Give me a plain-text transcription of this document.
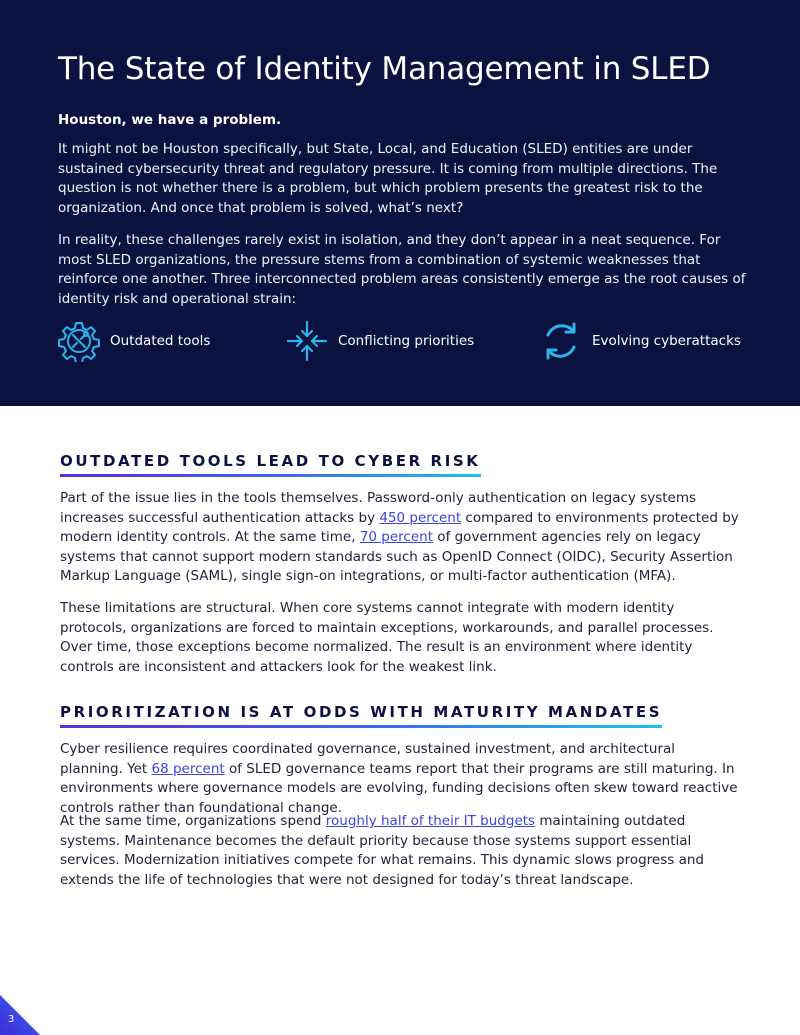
The State of Identity Management in SLED
Houston, we have a problem.

It might not be Houston specifically, but State, Local, and Education (SLED) entities are under sustained cybersecurity threat and regulatory pressure. It is coming from multiple directions. The question is not whether there is a problem, but which problem presents the greatest risk to the organization. And once that problem is solved, what’s next?

In reality, these challenges rarely exist in isolation, and they don’t appear in a neat sequence. For most SLED organizations, the pressure stems from a combination of systemic weaknesses that reinforce one another. Three interconnected problem areas consistently emerge as the root causes of identity risk and operational strain:

Outdated tools	Conflicting priorities	Evolving cyberattacks
OUTDATED TOOLS LEAD TO CYBER RISK

Part of the issue lies in the tools themselves. Password-only authentication on legacy systems increases successful authentication attacks by 450 percent compared to environments protected by modern identity controls. At the same time, 70 percent of government agencies rely on legacy systems that cannot support modern standards such as OpenID Connect (OIDC), Security Assertion Markup Language (SAML), single sign-on integrations, or multi-factor authentication (MFA).

These limitations are structural. When core systems cannot integrate with modern identity protocols, organizations are forced to maintain exceptions, workarounds, and parallel processes. Over time, those exceptions become normalized. The result is an environment where identity controls are inconsistent and attackers look for the weakest link.

PRIORITIZATION IS AT ODDS WITH MATURITY MANDATES

Cyber resilience requires coordinated governance, sustained investment, and architectural planning. Yet 68 percent of SLED governance teams report that their programs are still maturing. In environments where governance models are evolving, funding decisions often skew toward reactive controls rather than foundational change.

At the same time, organizations spend roughly half of their IT budgets maintaining outdated systems. Maintenance becomes the default priority because those systems support essential services. Modernization initiatives compete for what remains. This dynamic slows progress and extends the life of technologies that were not designed for today’s threat landscape.

3
